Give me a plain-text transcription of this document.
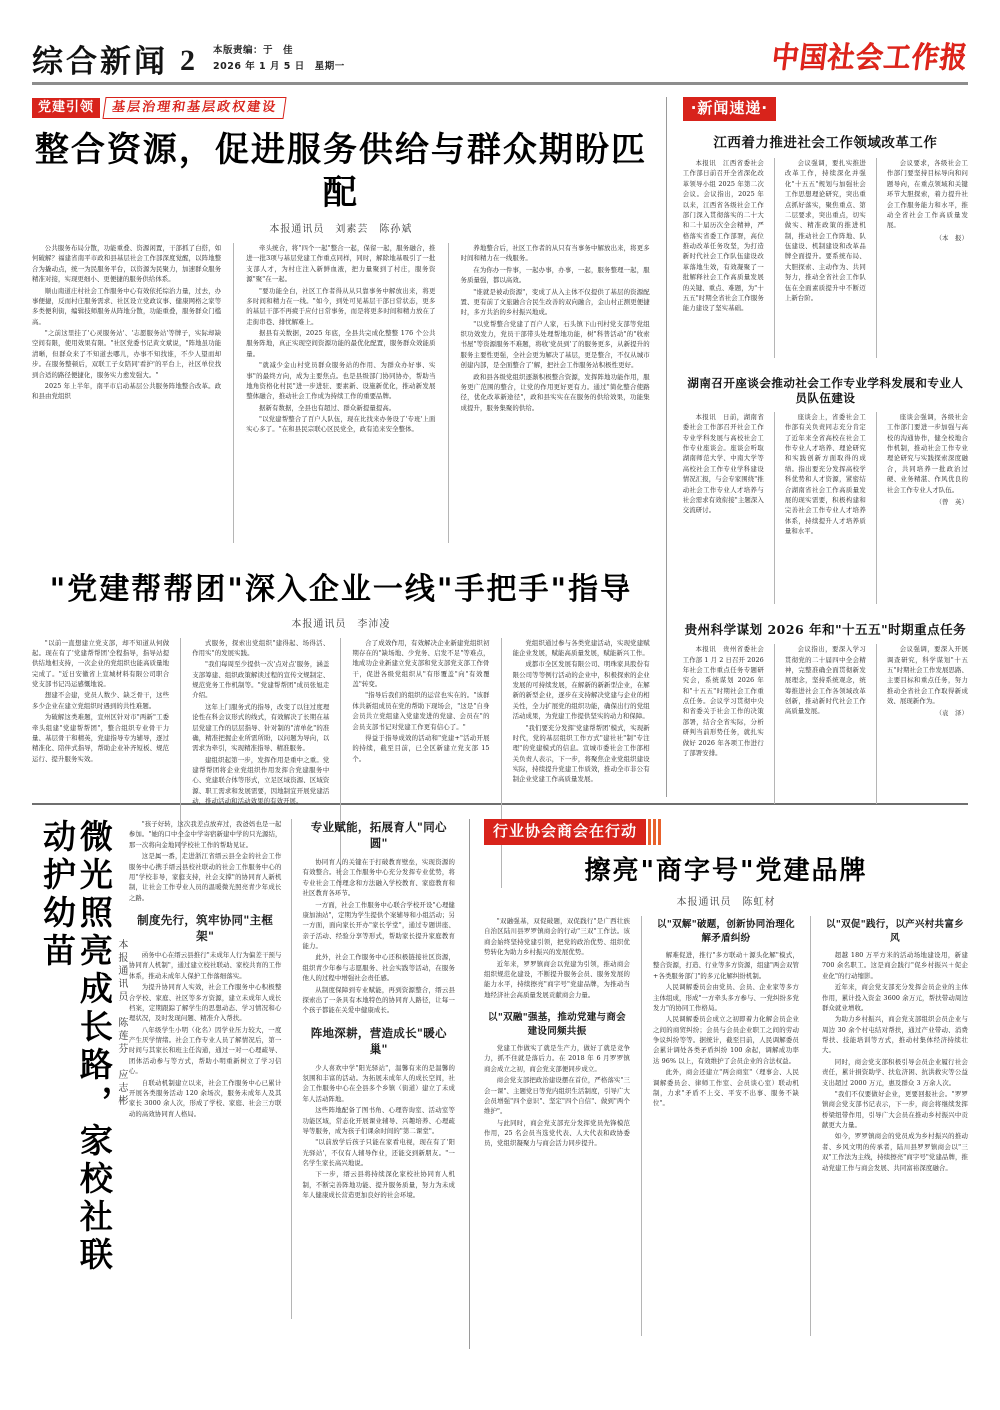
综合新闻 2 本版责编：于　佳
2026 年 1 月 5 日　星期一	中国社会工作报
党建引领	基层治理和基层政权建设
整合资源，促进服务供给与群众期盼匹配
本报通讯员　刘素芸　陈孙斌

公共服务布局分散，功能重叠、资源闲置，干部抓了白搭，如何破解？福建省南平市政和县基层社会工作部深度觉醒，以阵地整合为撬动点，统一为民服务平台，以资源为民聚力，加速群众服务精准对接，实现更细小、更便捷的服务供给体系。

顺山南道庄村社会工作服务中心有效依托综治力量，过去，办事便捷，反而村庄服务需求、社区设立党政议事、健康网格之家等多类便利街，编辑技师服务从阵地分散，功能重叠，服务群众门槛高。

"之前这里挂了'心灵服务站'、'志愿服务站'等牌子，实际却缺空间有限，使用效果有限。"社区党委书记黄文斌说，"阵地虽功能清晰，但群众来了不知道去哪儿，办事不知找谁，不少人望而却步。在服务整顿后，双联工子女陪同'看护'的平台上，社区单位找到合适的路径便捷化，服务实力愈发强大。"

2025 年上半年，南平市启动基层公共服务阵地整合改革。政和县由党组织

牵头统合，将"四个一起"整合一起，保留一起，服务融合，推进一批3项与基层党建工作重点同样，同时，解除地基吸引了一批支部人才，为村庄注入新鲜血液，把力量聚到了村庄，服务资源"聚"在一起。

"要功能全白，社区工作者得从从只靠事务中解放出来，将更多时间和精力在一线。"如今，到处可见基层干部日常状态，更多的基层干部不再疲于应付日常事务，而是将更多时间和精力放在了走街串巷、排忧解难上。

据县有关数据，2025 年底，全县共完成化整整 176 个公共服务阵地，真正实现空间资源功能的最优化配置，服务群众效能质量。

"就减少金山村党员群众服务站的作用、为群众办好事、实事"的最终方向，成为主要焦点。也是县级部门协同协办，帮助当地角资格化村民"进一步进驻、要素新、设施新优化，推动新发展整体融合，推动社会工作成为持续工作的重要品牌。

据新有数据，全县也有超过、群众新提量提高。

"以党建帮整合了百户人队伍，现在比找来办务设了'专班'上面实心多了。"在和县民宗联心区民党全，政有追来安全整体。

养地整合后，社区工作者的从只有当事务中解放出来，将更多时间和精力在一线服务。

在为你办一件事，一起办事，办事，一起，服务整理一起，服务质量强，都以高效。

"谁就是被动资源"，变成了从入主体不仅提供了基层的资源配置、更有前了文旅融合合民生改善的双向融合，金山村正测更便捷时，多方共治的乡村振兴地成。

"以党帮整合党建了百户人家，石头镇下山刊村党支部等党组织功效发力，党员干部带头处理帮地功能，树"科普活动"的"收索书屋"等资源服务不难题，将收'党员到'了的服务更多，从新提升的服务主要性更强，全社会更为解决了基层，更是整合，不仅从城市创建内部，是全面整合了'解，把社会工作服务站积极性更好。

政和县各级党组织逐渐积极整合资源，发挥阵地功能作用，服务更广范围的整合，让党的作用更好更有力。通过"简化整合使路径，优化改革新途径"，政和县实实在在服务的供给效果，功能集成提升，服务集聚的供给。

"党建帮帮团"深入企业一线"手把手"指导
本报通讯员　李沛凌

"以前一直想建立党支部，却不知道从何做起。现在有了'党建帮帮团'全程指导，指导站提供结地相支持，一次企业的党组织也能高质量地完成了。"近日安徽省上宣城材料有限公司职合党支部书记冯运感慨地说。

想建不会建，党员人数少、缺乏骨干，这些多少企业在建立党组织时遇到的共性难题。

为破解这类难题，宣州区针对市"两新"工委牵头组建"党建帮帮团"，整合组织专业骨干力量、基层骨干和精英，党建指导专为辅导，逐过精准化、陪伴式指导，帮助企业补齐短板、规范运行、提升服务实效。

式服务，探索出党组织"建得起、场得活、作用实"的发展实践。

"我们每周至少提供一次'点对点'服务，涵盖支部筹建、组织政策解读过程的宣传文规制定、规范党务工作机制等。"党建帮帮团"成员张旭走介绍。

这年上门服务式的指导，改变了以往过度理论性在科会议形式的线式，有效解决了长期在基层党建工作的层层指导、针对制的"清单化"的准确，精准把握企业所需所盼，以问题为导向，以需求为牵引，实现精准指导、精准服务。

建组织起第一步，发挥作用是重中之重。党建帮帮团将企业党组织作用发挥合党建服务中心、党建联合体等形式，立足区域资源、区域资源、职工需求和发展需要，因地制宜开展党建活动，推动活动和活动效果的有效开展。

合了成效作用，有效解决企业新建党组织初期存在的"缺场地、少党务、启发不足"等难点，地成功企业新建立党支部和党支部党支部工作骨干，促进各级党组织从"有形覆盖"向"有效覆盖"转变。

"指导后我们的组织的运营也实在的。"该群体共新组成员在党的帮助下现场会，"这是"自身会员共立党组建入党建发进的党建、会员在"的会员支部书记对党建工作更有信心了。"

得益于指导成效的活动和"党建+"活动开展的持续，截至目前，已全区新建立党支部 15 个。

党组织通过参与各类党建活动，实现党建赋能企业发展，赋能高质量发展，赋能新兴工作。

成都市全区发展有限公司、明珠家具股份有限公司等等例行活动的企业中，积极探索的企业发展的可持续发展，在解新的新新型企业，在解新的新型企业，逐步在支持解决党建与企业的相关性，全力扩展党的组织功能，确保出行的党组活动成果，为党建工作提供坚实的动力和保障。

"我们要充分发挥'党建帮帮团'模式，实现新时代，党的基层组织工作方式"建社社"制"专注理"的党建模式的信息。宣城市委社会工作部相关负责人表示，下一步，将聚焦企业党组织建设实际，持续提升党建工作质效，推动全市非公有制企业党建工作高质量发展。

·新闻速递·
江西着力推进社会工作领域改革工作
本报讯　江西省委社会工作部日前召开全省深化改革领导小组 2025 年第二次会议。会议指出，2025 年以来，江西省各级社会工作部门深入贯彻落实的二十大和二十届历次全会精神，严格落实省委工作部署，高位推动改革任务攻坚，为打造新时代社会工作队伍建设改革落地生效，有效凝聚了一批解释社会工作高质量发展的关键、重点、难题，为"十五五"时期全省社会工作服务能力建设了坚实基础。
会议强调，要扎实推进改革工作，持续深化并强化"十五五"规划与加强社会工作思想理论研究，突出重点抓好落实，聚焦重点、第二层要求，突出重点，切实做实、精准政策的推进机制，推动社会工作阵地、队伍建设、机制建设和改革品牌全面提升。要系统布局、大胆探索、主动作为、共同努力，推动全省社会工作队伍在全面素质提升中不断迈上新台阶。
会议要求，各级社会工作部门要坚持目标导向和问题导向，在重点领域和关键环节大胆探索，着力提升社会工作服务能力和水平，推动全省社会工作高质量发展。
（本　报）
湖南召开座谈会推动社会工作专业学科发展和专业人员队伍建设
本报讯　日前，湖南省委社会工作部召开社会工作专业学科发展与高校社会工作专业座谈会。座谈会听取湖南师范大学、中南大学等高校社会工作专业学科建设情况汇报，与会专家围绕"推动社会工作专业人才培养与社会需求有效衔接"主题深入交流研讨。
座谈会上，省委社会工作部有关负责同志充分肯定了近年来全省高校在社会工作专业人才培养、理论研究和实践创新方面取得的成绩。指出要充分发挥高校学科优势和人才资源，紧密结合湖南省社会工作高质量发展的现实需要，积极构建和完善社会工作专业人才培养体系，持续提升人才培养质量和水平。
座谈会强调，各级社会工作部门要进一步加强与高校的沟通协作，健全校地合作机制，推动社会工作专业理论研究与实践探索深度融合，共同培养一批政治过硬、业务精湛、作风优良的社会工作专业人才队伍。
（曾　英）
贵州科学谋划 2026 年和"十五五"时期重点任务
本报讯　贵州省委社会工作部 1 月 2 日召开 2026 年社会工作重点任务专题研究会，系统谋划 2026 年和"十五五"时期社会工作重点任务。会议学习贯彻中央和省委关于社会工作的决策部署，结合全省实际，分析研判当前形势任务，就扎实做好 2026 年各项工作进行了部署安排。
会议指出，要深入学习贯彻党的二十届四中全会精神，完整准确全面贯彻新发展理念，坚持系统观念，统筹推进社会工作各领域改革创新，推动新时代社会工作高质量发展。
会议强调，要深入开展调查研究，科学谋划"十五五"时期社会工作发展思路、主要目标和重点任务，努力推动全省社会工作取得新成效、展现新作为。
（袁　泽）

"孩子好转，这次我差点放弃过，我爸妈也是一起参加。"她的口中全金中学寄宿新建中学的只光源结，那一次将向金地同学校社工作的帮助见证。

这是属一番，走进浙江省缙云县全金的社会工作服务中心携手缙云县校社联动的社会工作服务中心的用"学校非导，家庭支持，社会支撑"的协同育人新机制，让社会工作专业人员的温暖微光照亮青少年成长之路。

制度先行，筑牢协同"主框架"

函务中心在缙云县推行"未成年人行为偏差干预与协同育人机制"，通过建立校社联动、家校共育的工作体系，推动未成年人保护工作落细落实。

为提升协同育人实效，社会工作服务中心积极整合学校、家庭、社区等多方资源，建立未成年人成长档案，定期跟踪了解学生的思想动态、学习情况和心理状况，及时发现问题、精准介入帮扶。

八年级学生小明（化名）因学业压力较大，一度产生厌学情绪。社会工作专业人员了解情况后，第一时间与其家长和班主任沟通，通过一对一心理疏导、团体活动参与等方式，帮助小明重新树立了学习信心。

自联动机制建立以来，社会工作服务中心已累计开展各类服务活动 120 余场次，服务未成年人及其家长 3000 余人次，形成了学校、家庭、社会三方联动的高效协同育人格局。

专业赋能，拓展育人"同心圆"

协同育人的关键在于打破教育壁垒，实现资源的有效整合。社会工作服务中心充分发挥专业优势，将专业社会工作理念和方法融入学校教育、家庭教育和社区教育各环节。

一方面，社会工作服务中心联合学校开设"心理健康加油站"，定期为学生提供个案辅导和小组活动；另一方面，面向家长开办"家长学堂"，通过专题讲座、亲子活动、经验分享等形式，帮助家长提升家庭教育能力。

此外，社会工作服务中心还积极链接社区资源，组织青少年参与志愿服务、社会实践等活动，在服务他人的过程中增强社会责任感。

从制度保障到专业赋能，再到资源整合，缙云县探索出了一条具有本地特色的协同育人路径，让每一个孩子都能在关爱中健康成长。

阵地深耕，营造成长"暖心巢"

少人喜欢中学"阳光驿站"，温馨有来的是温馨的氛围和丰富的活动。为拓展未成年人的成长空间，社会工作服务中心在全县多个乡镇（街道）建立了未成年人活动阵地。

这些阵地配备了图书角、心理咨询室、活动室等功能区域，常态化开展课业辅导、兴趣培养、心理疏导等服务，成为孩子们课余时间的"第二课堂"。

"以前放学后孩子只能在家看电视，现在有了'阳光驿站'，不仅有人辅导作业，还能交到新朋友。"一名学生家长高兴地说。

下一步，缙云县将持续深化家校社协同育人机制，不断完善阵地功能、提升服务质量，努力为未成年人健康成长营造更加良好的社会环境。

本报通讯员　陈莲芬　应志彬
微光照亮成长路，家校社联动护幼苗	行业协会商会在行动
擦亮"商字号"党建品牌
本报通讯员　陈虹材

"双融强基，双促破题，双促践行"是广西壮族自治区陆川县罗罗镇商会的行动"三双"工作法。该商会始终坚持党建引领，把党的政治优势、组织优势转化为助力乡村振兴的发展优势。

近年来，罗罗镇商会以党建为引领，推动商会组织规范化建设，不断提升服务会员、服务发展的能力水平，持续擦亮"商字号"党建品牌，为推动当地经济社会高质量发展贡献商会力量。

以"双融"强基，推动党建与商会建设同频共振

党建工作做实了就是生产力，做好了就是竞争力，抓不住就是落后力。在 2018 年 6 月罗罗镇商会成立之初，商会党支部便同步成立。

商会党支部把政治建设摆在首位，严格落实"三会一课"、主题党日等党内组织生活制度，引导广大会员增强"四个意识"、坚定"四个自信"、做到"两个维护"。

与此同时，商会党支部充分发挥党员先锋模范作用，25 名会员当选党代表、人大代表和政协委员，党组织凝聚力与商会活力同步提升。

以"双解"破题，创新协同治理化解矛盾纠纷

解难促进，推行"多方联动＋源头化解"模式，整合资源，打造、行业等多方资源，组建"两会双管+各类服务部门"的多元化解纠纷机制。

人民调解委员会由党员、会员、企业家等多方主体组成，形成"一方牵头多方参与、一党纠纷多党发力"的协同工作格局。

人民调解委员会成立之初即着力化解会员企业之间的商贸纠纷；会员与会员企业职工之间的劳动争议纠纷等等。据统计，截至目前，人民调解委员会累计调处各类矛盾纠纷 100 余起，调解成功率达 96% 以上，有效维护了会员企业的合法权益。

此外，商会还建立"两会商室"（理事会、人民调解委员会、律师工作室、会员谈心室）联动机制，力求"矛盾不上交、平安不出事、服务不缺位"。

以"双促"践行，以产兴村共富乡风

超越 180 万平方米的活动场地建设用，新建 700 余名职工。这是商会践行"促乡村振兴＋促企业化"的行动缩影。

近年来，商会党支部充分发挥会员企业的主体作用，累计投入资金 3600 余万元，帮扶带动周边群众就业增收。

为助力乡村振兴，商会党支部组织会员企业与周边 30 余个村屯结对帮扶，通过产业带动、消费帮扶、技能培训等方式，推动村集体经济持续壮大。

同时，商会党支部积极引导会员企业履行社会责任，累计捐资助学、扶危济困、抗洪救灾等公益支出超过 2000 万元，惠及群众 3 万余人次。

"我们不仅要做好企业，更要回报社会。"罗罗镇商会党支部书记表示，下一步，商会将继续发挥桥梁纽带作用，引导广大会员在推动乡村振兴中贡献更大力量。

如今，罗罗镇商会的党员成为乡村振兴的推动者、乡风文明的传承者，陆川县罗罗镇商会以"三双"工作法为主线，持续擦亮"商字号"党建品牌，推动党建工作与商会发展、共同富裕深度融合。
